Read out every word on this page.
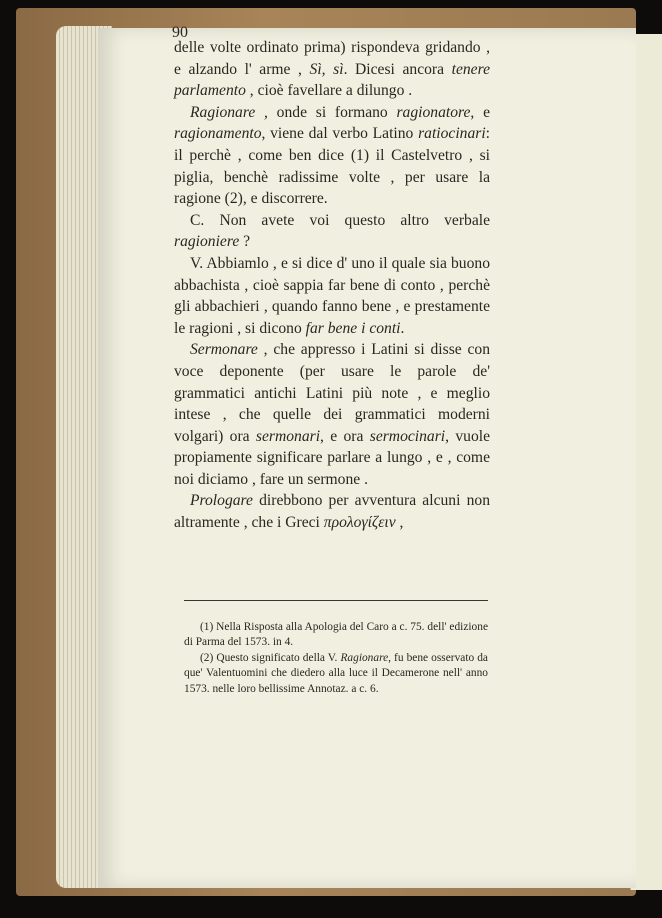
90

delle volte ordinato prima) rispondeva gridando , e alzando l' arme , Sì, sì. Dicesi ancora tenere parlamento , cioè favellare a dilungo .

Ragionare , onde si formano ragionatore, e ragionamento, viene dal verbo Latino ratiocinari: il perchè , come ben dice (1) il Castelvetro , si piglia, benchè radissime volte , per usare la ragione (2), e discorrere.

C. Non avete voi questo altro verbale ragioniere ?

V. Abbiamlo , e si dice d' uno il quale sia buono abbachista , cioè sappia far bene di conto , perchè gli abbachieri , quando fanno bene , e prestamente le ragioni , si dicono far bene i conti.

Sermonare , che appresso i Latini si disse con voce deponente (per usare le parole de' grammatici antichi Latini più note , e meglio intese , che quelle dei grammatici moderni volgari) ora sermonari, e ora sermocinari, vuole propiamente significare parlare a lungo , e , come noi diciamo , fare un sermone .

Prologare direbbono per avventura alcuni non altramente , che i Greci προλογίζειν ,

(1) Nella Risposta alla Apologia del Caro a c. 75. dell' edizione di Parma del 1573. in 4.

(2) Questo significato della V. Ragionare, fu bene osservato da que' Valentuomini che diedero alla luce il Decamerone nell' anno 1573. nelle loro bellissime Annotaz. a c. 6.
